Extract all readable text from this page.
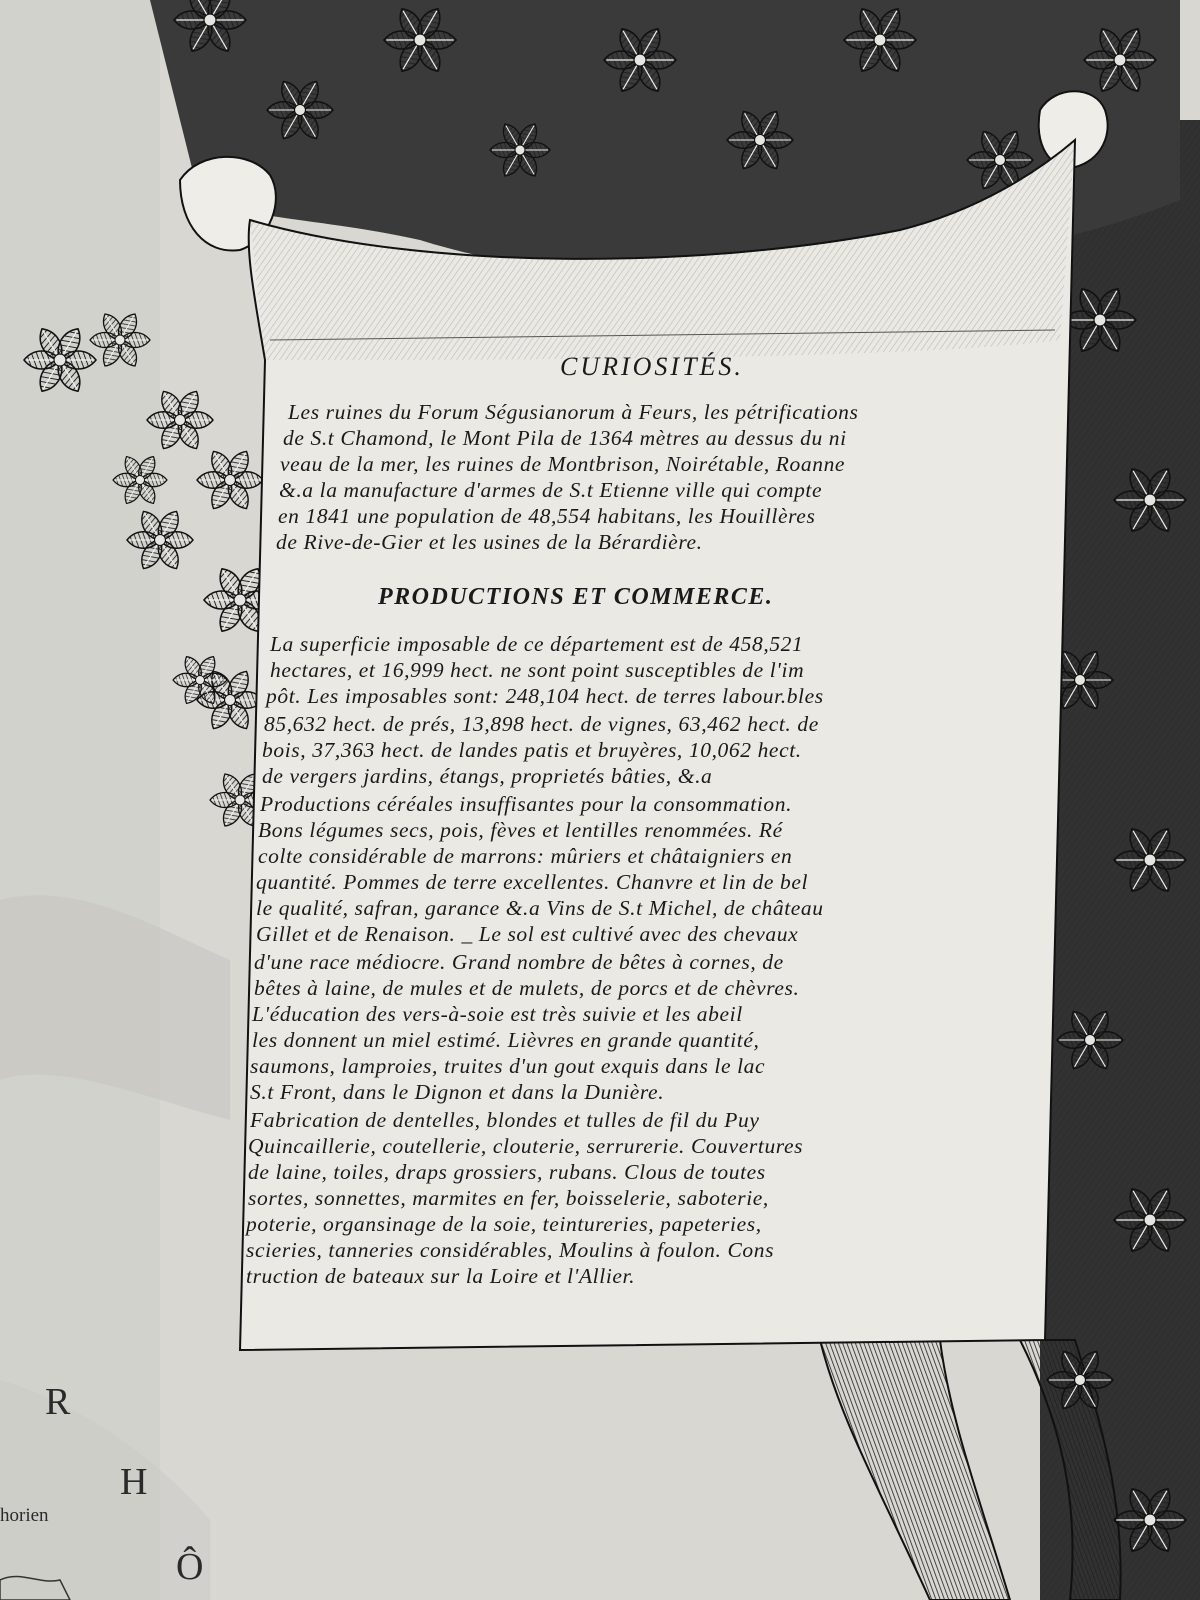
CURIOSITÉS.
Les ruines du Forum Ségusianorum à Feurs, les pétrifications
de S.t Chamond, le Mont Pila de 1364 mètres au dessus du ni
veau de la mer, les ruines de Montbrison, Noirétable, Roanne
&.a la manufacture d'armes de S.t Etienne ville qui compte
en 1841 une population de 48,554 habitans, les Houillères
de Rive-de-Gier et les usines de la Bérardière.
PRODUCTIONS ET COMMERCE.
La superficie imposable de ce département est de 458,521
hectares, et 16,999 hect. ne sont point susceptibles de l'im
pôt. Les imposables sont: 248,104 hect. de terres labour.bles
85,632 hect. de prés, 13,898 hect. de vignes, 63,462 hect. de
bois, 37,363 hect. de landes patis et bruyères, 10,062 hect.
de vergers jardins, étangs, proprietés bâties, &.a
Productions céréales insuffisantes pour la consommation.
Bons légumes secs, pois, fèves et lentilles renommées. Ré
colte considérable de marrons: mûriers et châtaigniers en
quantité. Pommes de terre excellentes. Chanvre et lin de bel
le qualité, safran, garance &.a Vins de S.t Michel, de château
Gillet et de Renaison. _ Le sol est cultivé avec des chevaux
d'une race médiocre. Grand nombre de bêtes à cornes, de
bêtes à laine, de mules et de mulets, de porcs et de chèvres.
L'éducation des vers-à-soie est très suivie et les abeil
les donnent un miel estimé. Lièvres en grande quantité,
saumons, lamproies, truites d'un gout exquis dans le lac
S.t Front, dans le Dignon et dans la Dunière.
Fabrication de dentelles, blondes et tulles de fil du Puy
Quincaillerie, coutellerie, clouterie, serrurerie. Couvertures
de laine, toiles, draps grossiers, rubans. Clous de toutes
sortes, sonnettes, marmites en fer, boisselerie, saboterie,
poterie, organsinage de la soie, teintureries, papeteries,
scieries, tanneries considérables, Moulins à foulon. Cons
truction de bateaux sur la Loire et l'Allier.
R
H
Ô
horien
